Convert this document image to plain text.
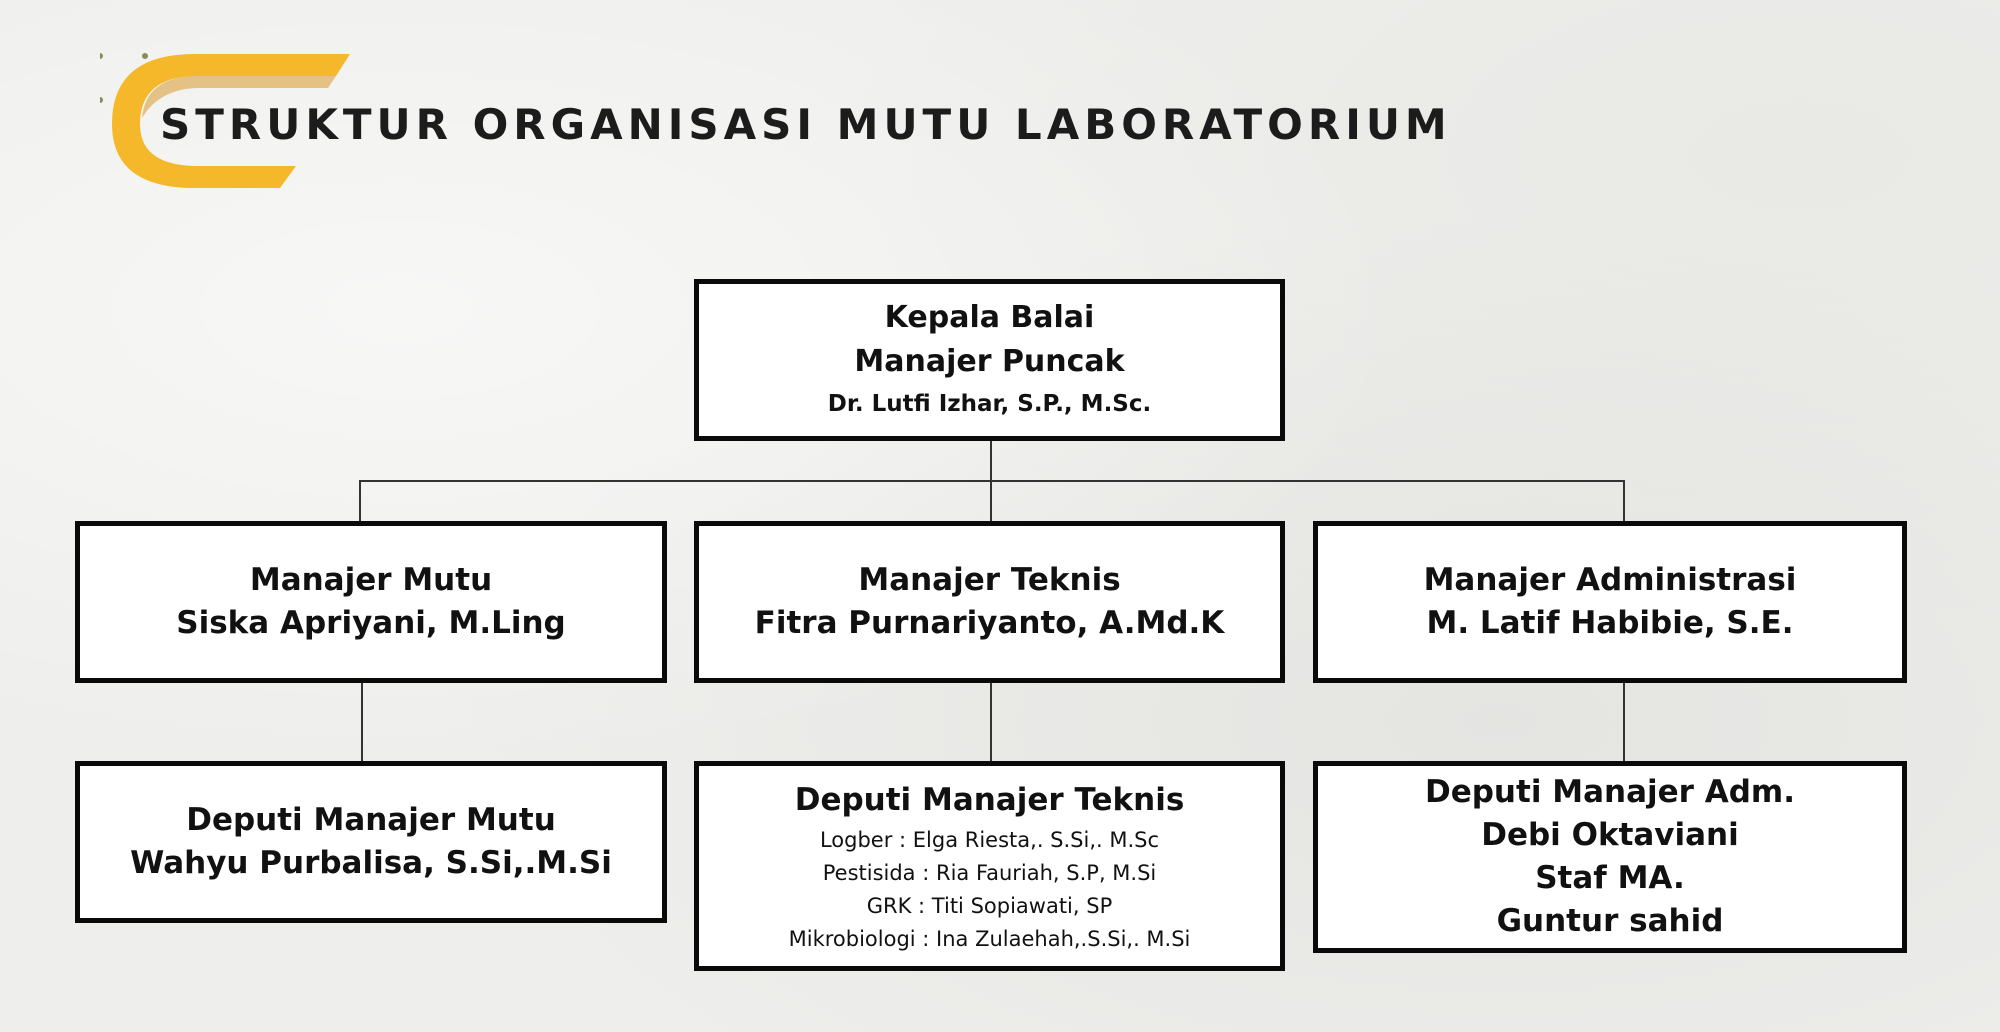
STRUKTUR ORGANISASI MUTU LABORATORIUM
Kepala Balai
Manajer Puncak
Dr. Lutfi Izhar, S.P., M.Sc.
Manajer Mutu
Siska Apriyani, M.Ling
Manajer Teknis
Fitra Purnariyanto, A.Md.K
Manajer Administrasi
M. Latif Habibie, S.E.
Deputi Manajer Mutu
Wahyu Purbalisa, S.Si,.M.Si
Deputi Manajer Teknis
Logber : Elga Riesta,. S.Si,. M.Sc
Pestisida : Ria Fauriah, S.P, M.Si
GRK : Titi Sopiawati, SP
Mikrobiologi : Ina Zulaehah,.S.Si,. M.Si
Deputi Manajer Adm.
Debi Oktaviani
Staf MA.
Guntur sahid
